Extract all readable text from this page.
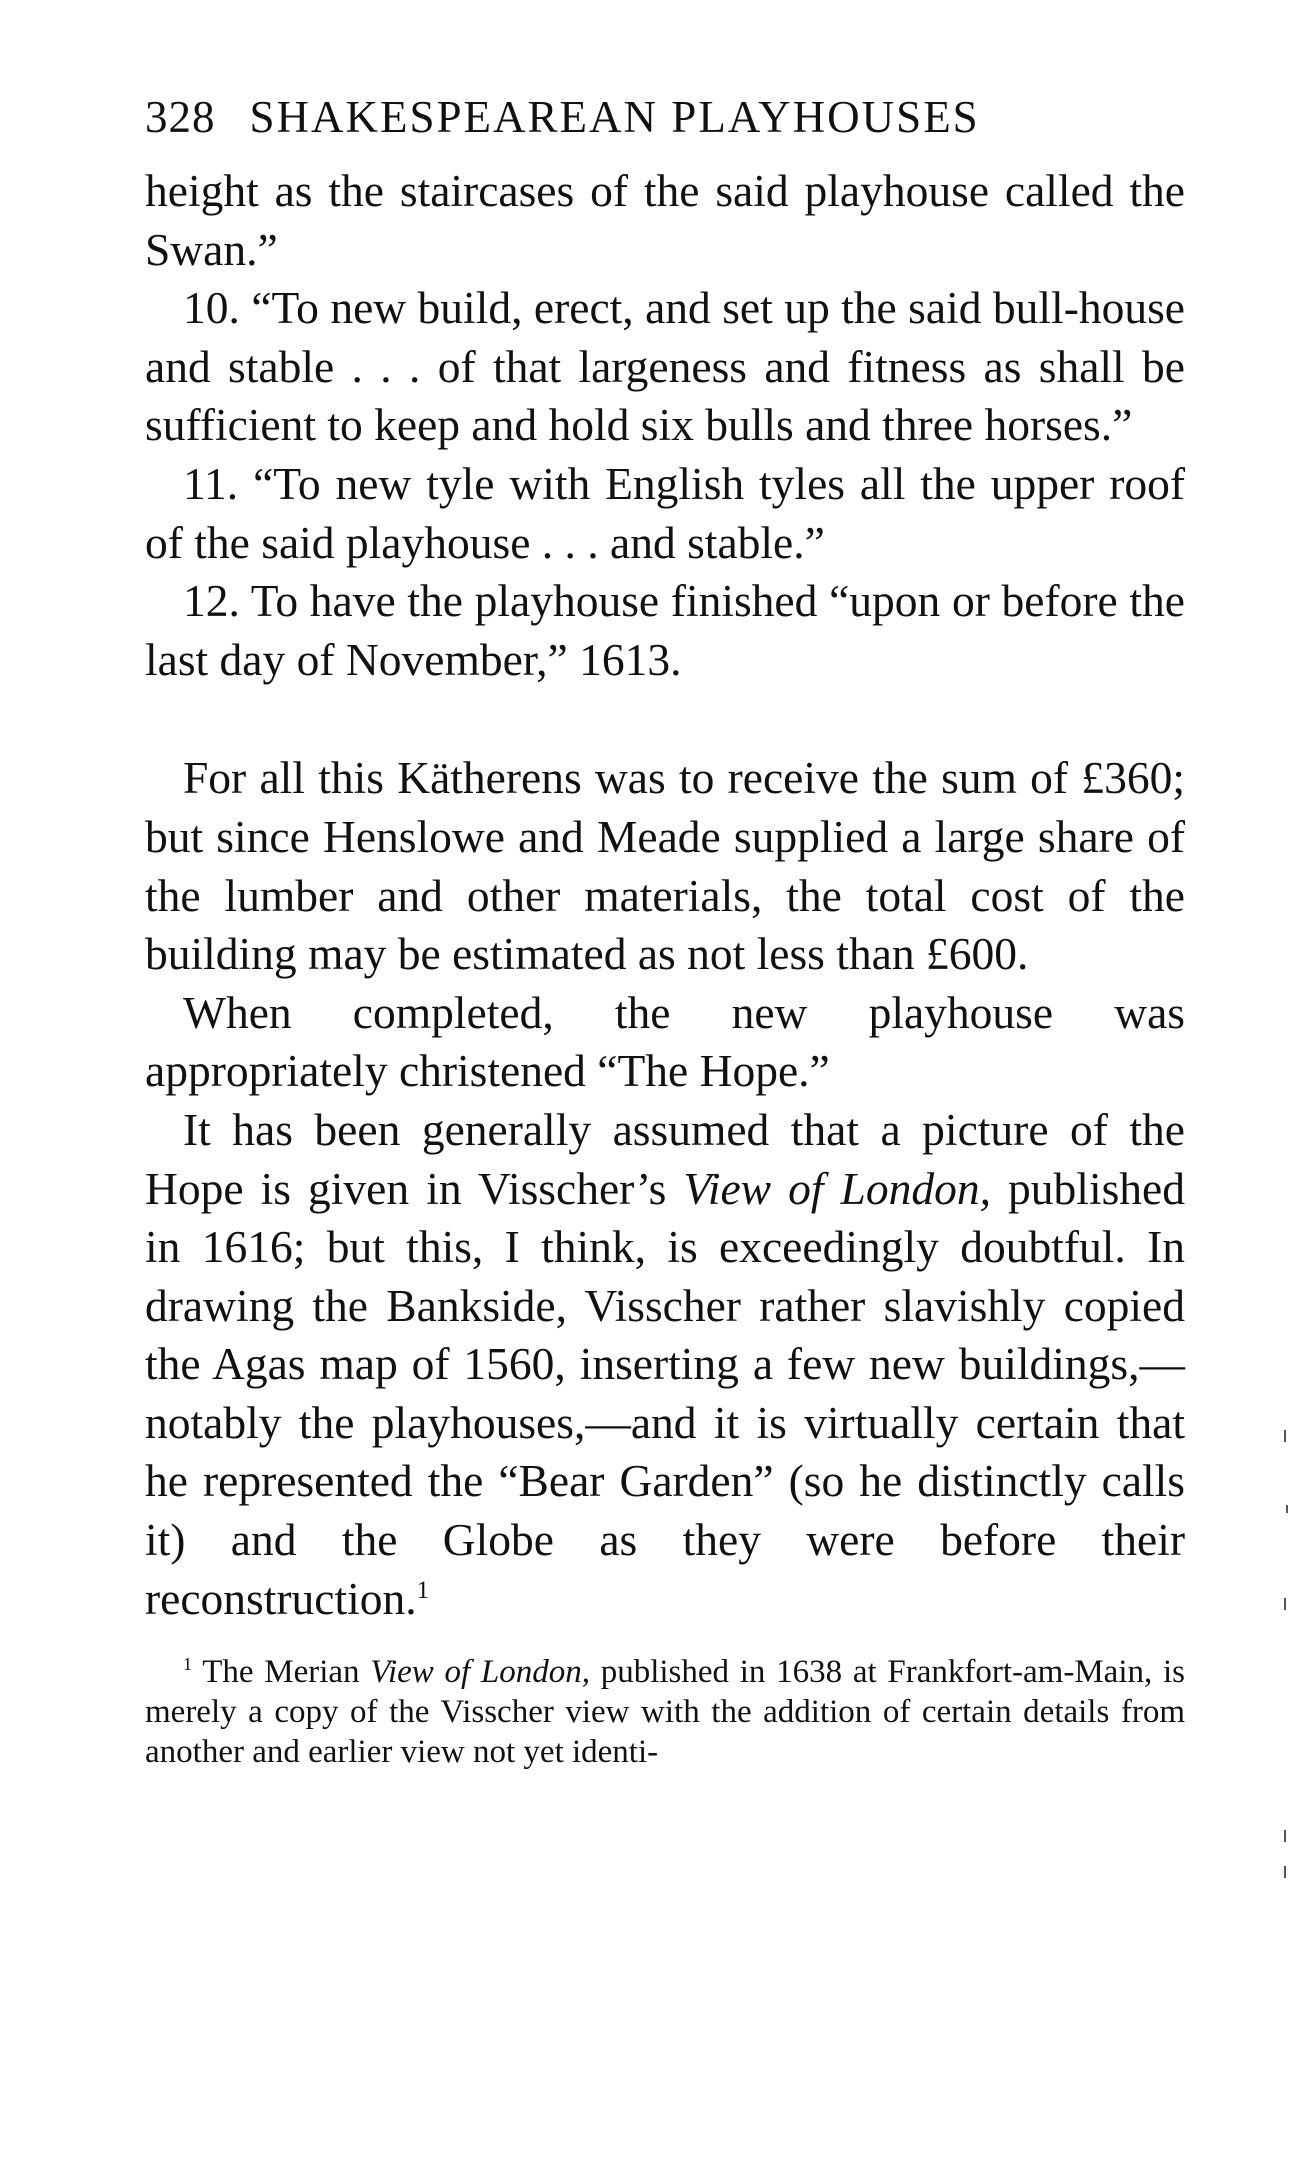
328 SHAKESPEAREAN PLAYHOUSES

height as the staircases of the said playhouse called the Swan.”

10. “To new build, erect, and set up the said bull-house and stable . . . of that largeness and fitness as shall be sufficient to keep and hold six bulls and three horses.”

11. “To new tyle with English tyles all the upper roof of the said playhouse . . . and stable.”

12. To have the playhouse finished “upon or before the last day of November,” 1613.

For all this Kätherens was to receive the sum of £360; but since Henslowe and Meade supplied a large share of the lumber and other materials, the total cost of the building may be estimated as not less than £600.

When completed, the new playhouse was appropriately christened “The Hope.”

It has been generally assumed that a picture of the Hope is given in Visscher’s View of London, published in 1616; but this, I think, is exceedingly doubtful. In drawing the Bankside, Visscher rather slavishly copied the Agas map of 1560, inserting a few new buildings,—notably the playhouses,—and it is virtually certain that he represented the “Bear Garden” (so he distinctly calls it) and the Globe as they were before their reconstruction.$^1$

$^1$ The Merian View of London, published in 1638 at Frankfort-am-Main, is merely a copy of the Visscher view with the addition of certain details from another and earlier view not yet identi-
